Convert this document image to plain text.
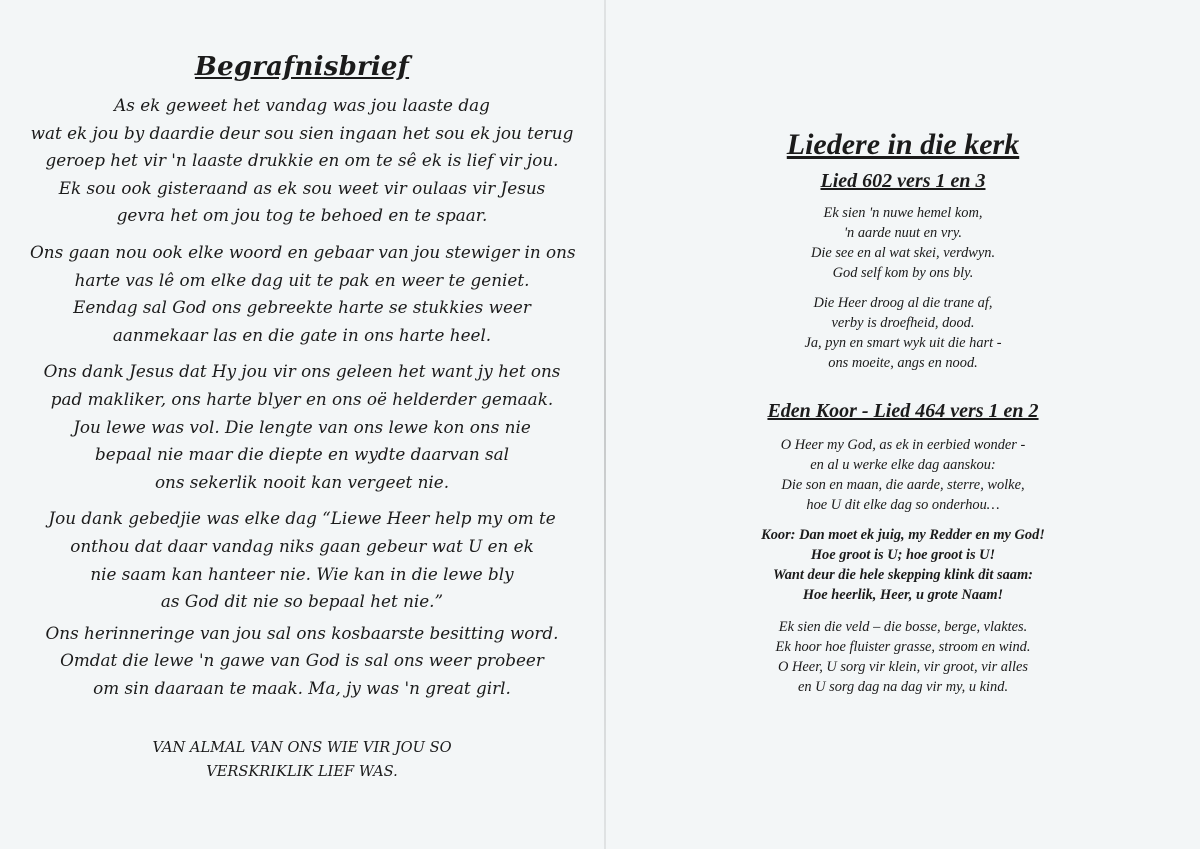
Begrafnisbrief
As ek geweet het vandag was jou laaste dag
wat ek jou by daardie deur sou sien ingaan het sou ek jou terug
geroep het vir 'n laaste drukkie en om te sê ek is lief vir jou.
Ek sou ook gisteraand as ek sou weet vir oulaas vir Jesus
gevra het om jou tog te behoed en te spaar.
Ons gaan nou ook elke woord en gebaar van jou stewiger in ons
harte vas lê om elke dag uit te pak en weer te geniet.
Eendag sal God ons gebreekte harte se stukkies weer
aanmekaar las en die gate in ons harte heel.
Ons dank Jesus dat Hy jou vir ons geleen het want jy het ons
pad makliker, ons harte blyer en ons oë helderder gemaak.
Jou lewe was vol. Die lengte van ons lewe kon ons nie
bepaal nie maar die diepte en wydte daarvan sal
ons sekerlik nooit kan vergeet nie.
Jou dank gebedjie was elke dag “Liewe Heer help my om te
onthou dat daar vandag niks gaan gebeur wat U en ek
nie saam kan hanteer nie. Wie kan in die lewe bly
as God dit nie so bepaal het nie.”
Ons herinneringe van jou sal ons kosbaarste besitting word.
Omdat die lewe 'n gawe van God is sal ons weer probeer
om sin daaraan te maak. Ma, jy was 'n great girl.
VAN ALMAL VAN ONS WIE VIR JOU SO
VERSKRIKLIK LIEF WAS.
Liedere in die kerk
Lied 602 vers 1 en 3
Ek sien 'n nuwe hemel kom,
'n aarde nuut en vry.
Die see en al wat skei, verdwyn.
God self kom by ons bly.
Die Heer droog al die trane af,
verby is droefheid, dood.
Ja, pyn en smart wyk uit die hart -
ons moeite, angs en nood.
Eden Koor - Lied 464 vers 1 en 2
O Heer my God, as ek in eerbied wonder -
en al u werke elke dag aanskou:
Die son en maan, die aarde, sterre, wolke,
hoe U dit elke dag so onderhou…
Koor: Dan moet ek juig, my Redder en my God!
Hoe groot is U; hoe groot is U!
Want deur die hele skepping klink dit saam:
Hoe heerlik, Heer, u grote Naam!
Ek sien die veld – die bosse, berge, vlaktes.
Ek hoor hoe fluister grasse, stroom en wind.
O Heer, U sorg vir klein, vir groot, vir alles
en U sorg dag na dag vir my, u kind.
